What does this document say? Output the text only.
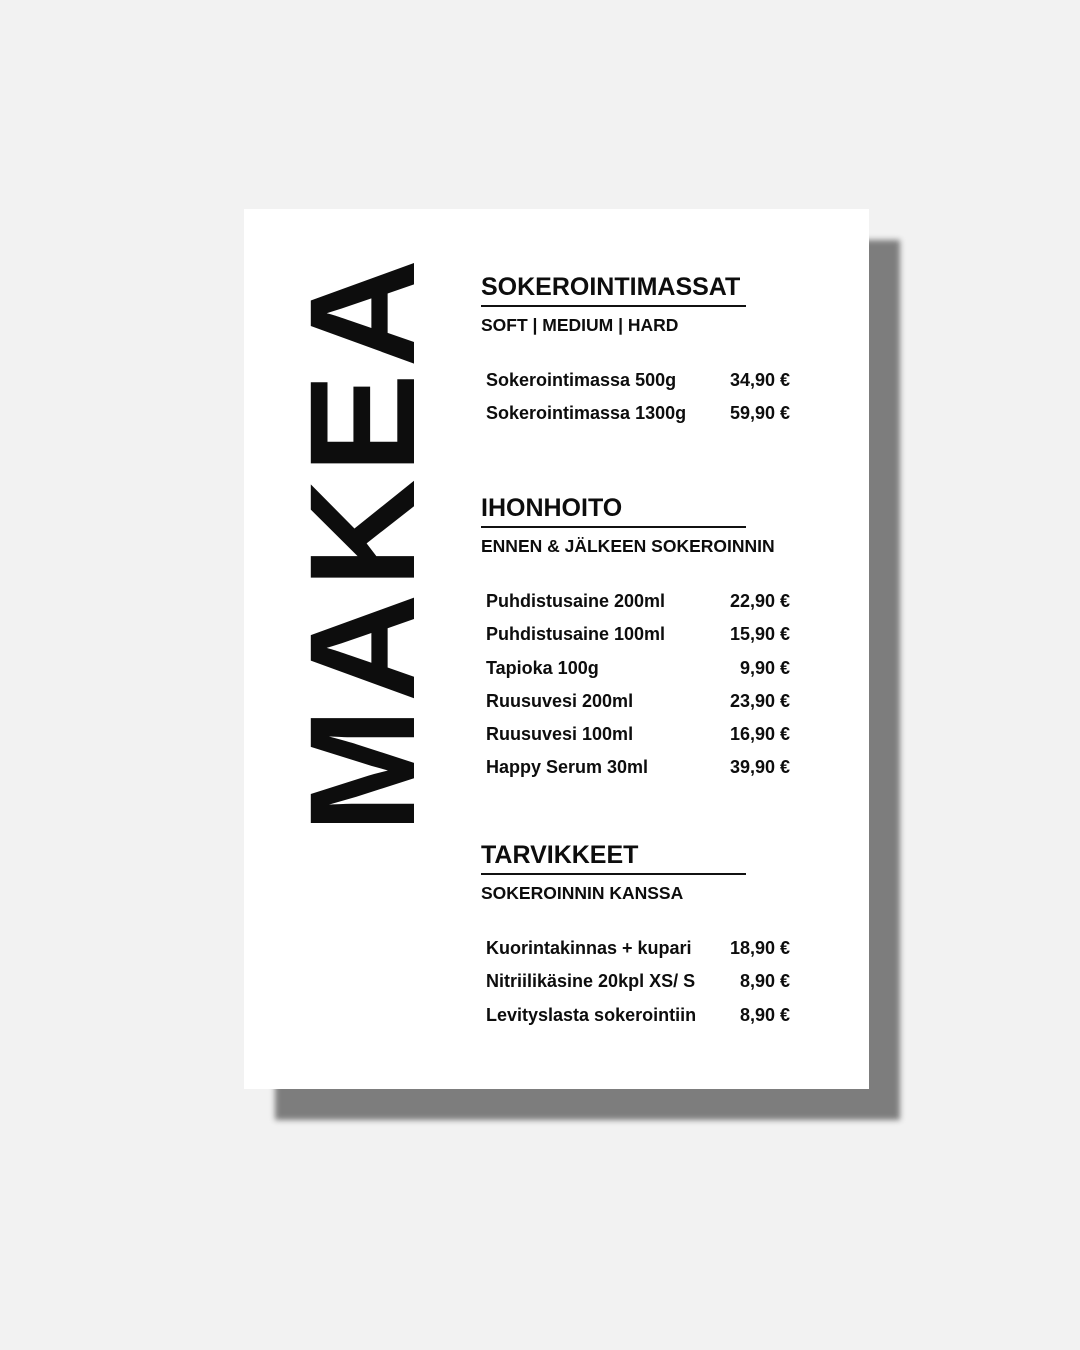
MAKEA SOKEROINTIMASSAT
SOFT | MEDIUM | HARD
Sokerointimassa 500g	34,90 €
Sokerointimassa 1300g 59,90 €
IHONHOITO
ENNEN & JÄLKEEN SOKEROINNIN
Puhdistusaine 200ml	22,90 €
Puhdistusaine 100ml	15,90 €
Tapioka 100g	9,90 €
Ruusuvesi 200ml	23,90 €
Ruusuvesi 100ml	16,90 €
Happy Serum 30ml	39,90 €
TARVIKKEET
SOKEROINNIN KANSSA
Kuorintakinnas + kupari 18,90 €
Nitriilikäsine 20kpl XS/ S 8,90 €
Levityslasta sokerointiin 8,90 €
